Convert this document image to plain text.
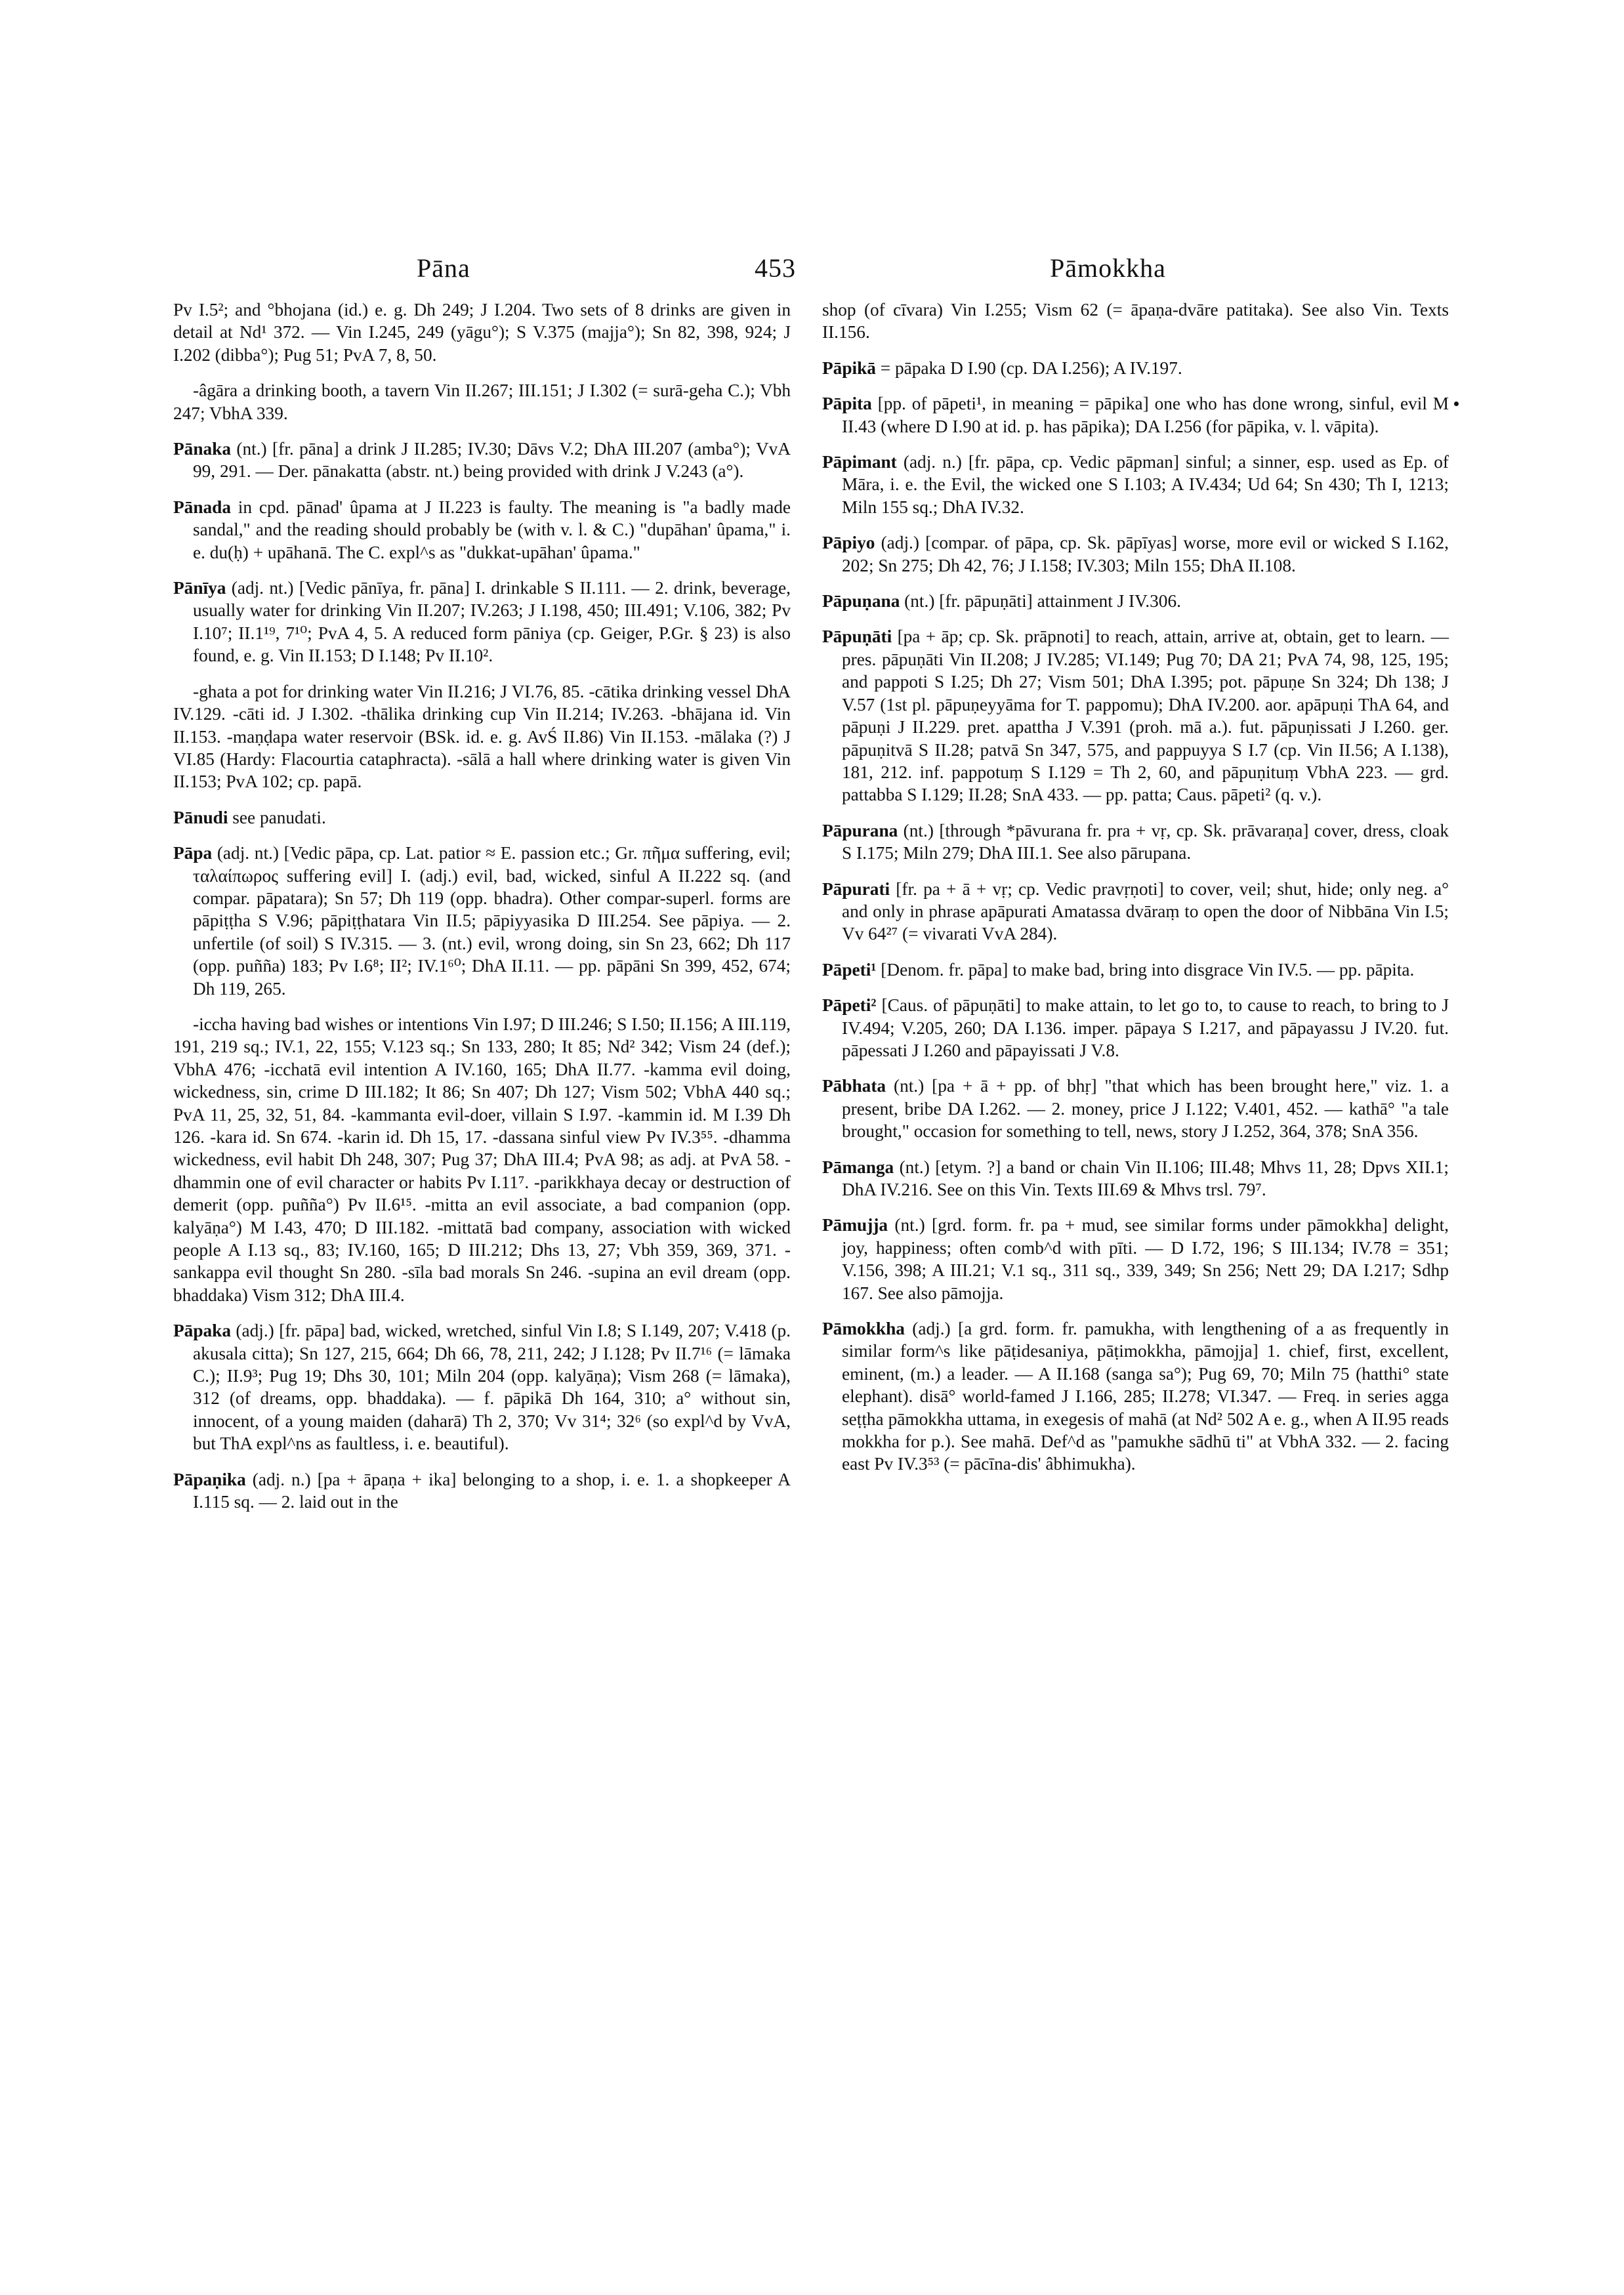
Pāna	453	Pāmokkha

Pv I.5²; and °bhojana (id.) e. g. Dh 249; J I.204. Two sets of 8 drinks are given in detail at Nd¹ 372. — Vin I.245, 249 (yāgu°); S V.375 (majja°); Sn 82, 398, 924; J I.202 (dibba°); Pug 51; PvA 7, 8, 50.

-âgāra a drinking booth, a tavern Vin II.267; III.151; J I.302 (= surā-geha C.); Vbh 247; VbhA 339.

Pānaka (nt.) [fr. pāna] a drink J II.285; IV.30; Dāvs V.2; DhA III.207 (amba°); VvA 99, 291. — Der. pānakatta (abstr. nt.) being provided with drink J V.243 (a°).

Pānada in cpd. pānad' ûpama at J II.223 is faulty. The meaning is "a badly made sandal," and the reading should probably be (with v. l. & C.) "dupāhan' ûpama," i. e. du(ḥ) + upāhanā. The C. expl^s as "dukkat-upāhan' ûpama."

Pānīya (adj. nt.) [Vedic pānīya, fr. pāna] I. drinkable S II.111. — 2. drink, beverage, usually water for drinking Vin II.207; IV.263; J I.198, 450; III.491; V.106, 382; Pv I.10⁷; II.1¹⁹, 7¹⁰; PvA 4, 5. A reduced form pāniya (cp. Geiger, P.Gr. § 23) is also found, e. g. Vin II.153; D I.148; Pv II.10².

-ghata a pot for drinking water Vin II.216; J VI.76, 85. -cātika drinking vessel DhA IV.129. -cāti id. J I.302. -thālika drinking cup Vin II.214; IV.263. -bhājana id. Vin II.153. -maṇḍapa water reservoir (BSk. id. e. g. AvŚ II.86) Vin II.153. -mālaka (?) J VI.85 (Hardy: Flacourtia cataphracta). -sālā a hall where drinking water is given Vin II.153; PvA 102; cp. papā.

Pānudi see panudati.

Pāpa (adj. nt.) [Vedic pāpa, cp. Lat. patior ≈ E. passion etc.; Gr. πῆμα suffering, evil; ταλαίπωρος suffering evil] I. (adj.) evil, bad, wicked, sinful A II.222 sq. (and compar. pāpatara); Sn 57; Dh 119 (opp. bhadra). Other compar-superl. forms are pāpiṭṭha S V.96; pāpiṭṭhatara Vin II.5; pāpiyyasika D III.254. See pāpiya. — 2. unfertile (of soil) S IV.315. — 3. (nt.) evil, wrong doing, sin Sn 23, 662; Dh 117 (opp. puñña) 183; Pv I.6⁸; II²; IV.1⁶⁰; DhA II.11. — pp. pāpāni Sn 399, 452, 674; Dh 119, 265.

-iccha having bad wishes or intentions Vin I.97; D III.246; S I.50; II.156; A III.119, 191, 219 sq.; IV.1, 22, 155; V.123 sq.; Sn 133, 280; It 85; Nd² 342; Vism 24 (def.); VbhA 476; -icchatā evil intention A IV.160, 165; DhA II.77. -kamma evil doing, wickedness, sin, crime D III.182; It 86; Sn 407; Dh 127; Vism 502; VbhA 440 sq.; PvA 11, 25, 32, 51, 84. -kammanta evil-doer, villain S I.97. -kammin id. M I.39 Dh 126. -kara id. Sn 674. -karin id. Dh 15, 17. -dassana sinful view Pv IV.3⁵⁵. -dhamma wickedness, evil habit Dh 248, 307; Pug 37; DhA III.4; PvA 98; as adj. at PvA 58. -dhammin one of evil character or habits Pv I.11⁷. -parikkhaya decay or destruction of demerit (opp. puñña°) Pv II.6¹⁵. -mitta an evil associate, a bad companion (opp. kalyāṇa°) M I.43, 470; D III.182. -mittatā bad company, association with wicked people A I.13 sq., 83; IV.160, 165; D III.212; Dhs 13, 27; Vbh 359, 369, 371. -sankappa evil thought Sn 280. -sīla bad morals Sn 246. -supina an evil dream (opp. bhaddaka) Vism 312; DhA III.4.

Pāpaka (adj.) [fr. pāpa] bad, wicked, wretched, sinful Vin I.8; S I.149, 207; V.418 (p. akusala citta); Sn 127, 215, 664; Dh 66, 78, 211, 242; J I.128; Pv II.7¹⁶ (= lāmaka C.); II.9³; Pug 19; Dhs 30, 101; Miln 204 (opp. kalyāṇa); Vism 268 (= lāmaka), 312 (of dreams, opp. bhaddaka). — f. pāpikā Dh 164, 310; a° without sin, innocent, of a young maiden (daharā) Th 2, 370; Vv 31⁴; 32⁶ (so expl^d by VvA, but ThA expl^ns as faultless, i. e. beautiful).

Pāpaṇika (adj. n.) [pa + āpaṇa + ika] belonging to a shop, i. e. 1. a shopkeeper A I.115 sq. — 2. laid out in the

shop (of cīvara) Vin I.255; Vism 62 (= āpaṇa-dvāre patitaka). See also Vin. Texts II.156.

Pāpikā = pāpaka D I.90 (cp. DA I.256); A IV.197.

Pāpita [pp. of pāpeti¹, in meaning = pāpika] one who has done wrong, sinful, evil M II.43 (where D I.90 at id. p. has pāpika); DA I.256 (for pāpika, v. l. vāpita).

Pāpimant (adj. n.) [fr. pāpa, cp. Vedic pāpman] sinful; a sinner, esp. used as Ep. of Māra, i. e. the Evil, the wicked one S I.103; A IV.434; Ud 64; Sn 430; Th I, 1213; Miln 155 sq.; DhA IV.32.

Pāpiyo (adj.) [compar. of pāpa, cp. Sk. pāpīyas] worse, more evil or wicked S I.162, 202; Sn 275; Dh 42, 76; J I.158; IV.303; Miln 155; DhA II.108.

Pāpuṇana (nt.) [fr. pāpuṇāti] attainment J IV.306.

Pāpuṇāti [pa + āp; cp. Sk. prāpnoti] to reach, attain, arrive at, obtain, get to learn. — pres. pāpuṇāti Vin II.208; J IV.285; VI.149; Pug 70; DA 21; PvA 74, 98, 125, 195; and pappoti S I.25; Dh 27; Vism 501; DhA I.395; pot. pāpuṇe Sn 324; Dh 138; J V.57 (1st pl. pāpuṇeyyāma for T. pappomu); DhA IV.200. aor. apāpuṇi ThA 64, and pāpuṇi J II.229. pret. apattha J V.391 (proh. mā a.). fut. pāpuṇissati J I.260. ger. pāpuṇitvā S II.28; patvā Sn 347, 575, and pappuyya S I.7 (cp. Vin II.56; A I.138), 181, 212. inf. pappotuṃ S I.129 = Th 2, 60, and pāpuṇituṃ VbhA 223. — grd. pattabba S I.129; II.28; SnA 433. — pp. patta; Caus. pāpeti² (q. v.).

Pāpurana (nt.) [through *pāvurana fr. pra + vṛ, cp. Sk. prāvaraṇa] cover, dress, cloak S I.175; Miln 279; DhA III.1. See also pārupana.

Pāpurati [fr. pa + ā + vṛ; cp. Vedic pravṛṇoti] to cover, veil; shut, hide; only neg. a° and only in phrase apāpurati Amatassa dvāraṃ to open the door of Nibbāna Vin I.5; Vv 64²⁷ (= vivarati VvA 284).

Pāpeti¹ [Denom. fr. pāpa] to make bad, bring into disgrace Vin IV.5. — pp. pāpita.

Pāpeti² [Caus. of pāpuṇāti] to make attain, to let go to, to cause to reach, to bring to J IV.494; V.205, 260; DA I.136. imper. pāpaya S I.217, and pāpayassu J IV.20. fut. pāpessati J I.260 and pāpayissati J V.8.

Pābhata (nt.) [pa + ā + pp. of bhṛ] "that which has been brought here," viz. 1. a present, bribe DA I.262. — 2. money, price J I.122; V.401, 452. — kathā° "a tale brought," occasion for something to tell, news, story J I.252, 364, 378; SnA 356.

Pāmanga (nt.) [etym. ?] a band or chain Vin II.106; III.48; Mhvs 11, 28; Dpvs XII.1; DhA IV.216. See on this Vin. Texts III.69 & Mhvs trsl. 79⁷.

Pāmujja (nt.) [grd. form. fr. pa + mud, see similar forms under pāmokkha] delight, joy, happiness; often comb^d with pīti. — D I.72, 196; S III.134; IV.78 = 351; V.156, 398; A III.21; V.1 sq., 311 sq., 339, 349; Sn 256; Nett 29; DA I.217; Sdhp 167. See also pāmojja.

Pāmokkha (adj.) [a grd. form. fr. pamukha, with lengthening of a as frequently in similar form^s like pāṭidesaniya, pāṭimokkha, pāmojja] 1. chief, first, excellent, eminent, (m.) a leader. — A II.168 (sanga sa°); Pug 69, 70; Miln 75 (hatthi° state elephant). disā° world-famed J I.166, 285; II.278; VI.347. — Freq. in series agga seṭṭha pāmokkha uttama, in exegesis of mahā (at Nd² 502 A e. g., when A II.95 reads mokkha for p.). See mahā. Def^d as "pamukhe sādhū ti" at VbhA 332. — 2. facing east Pv IV.3⁵³ (= pācīna-dis' âbhimukha).
